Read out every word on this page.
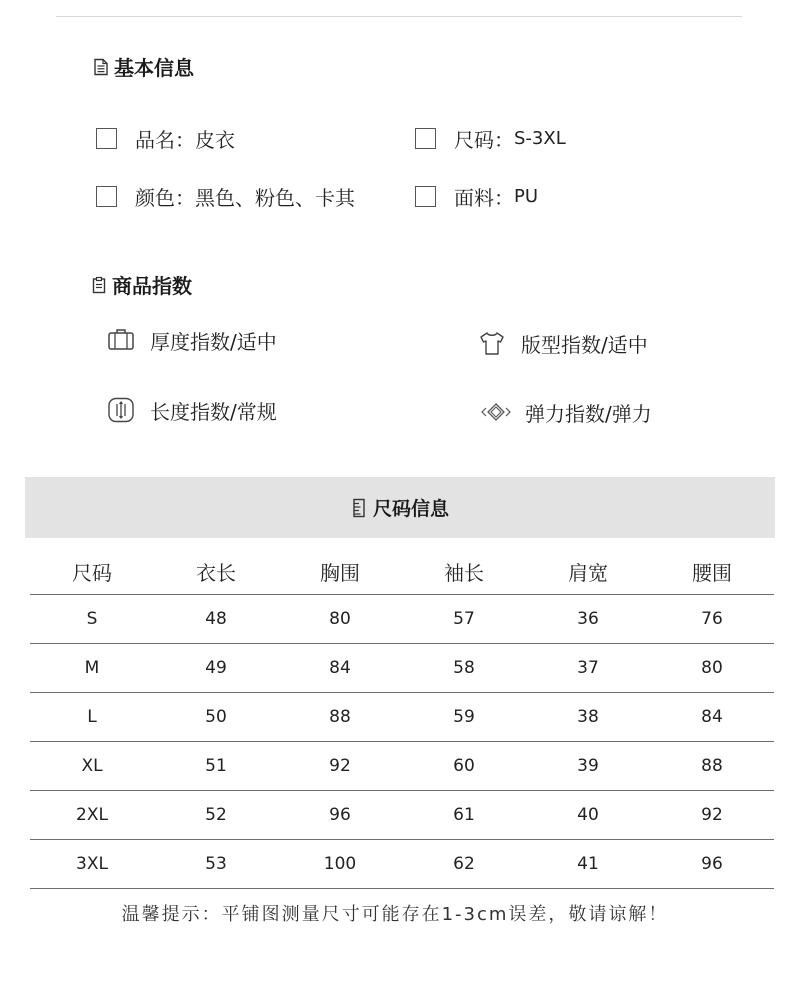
基本信息
品名： 皮衣	尺码： S-3XL
颜色： 黑色、粉色、卡其	面料： PU
商品指数
厚度指数/适中	版型指数/适中
长度指数/常规	弹力指数/弹力
尺码信息
尺码	衣长	胸围	袖长	肩宽	腰围
S	48	80	57	36	76
M	49	84	58	37	80
L	50	88	59	38	84
XL	51	92	60	39	88
2XL	52	96	61	40	92
3XL	53	100	62	41	96
温馨提示：平铺图测量尺寸可能存在1-3cm误差，敬请谅解！
